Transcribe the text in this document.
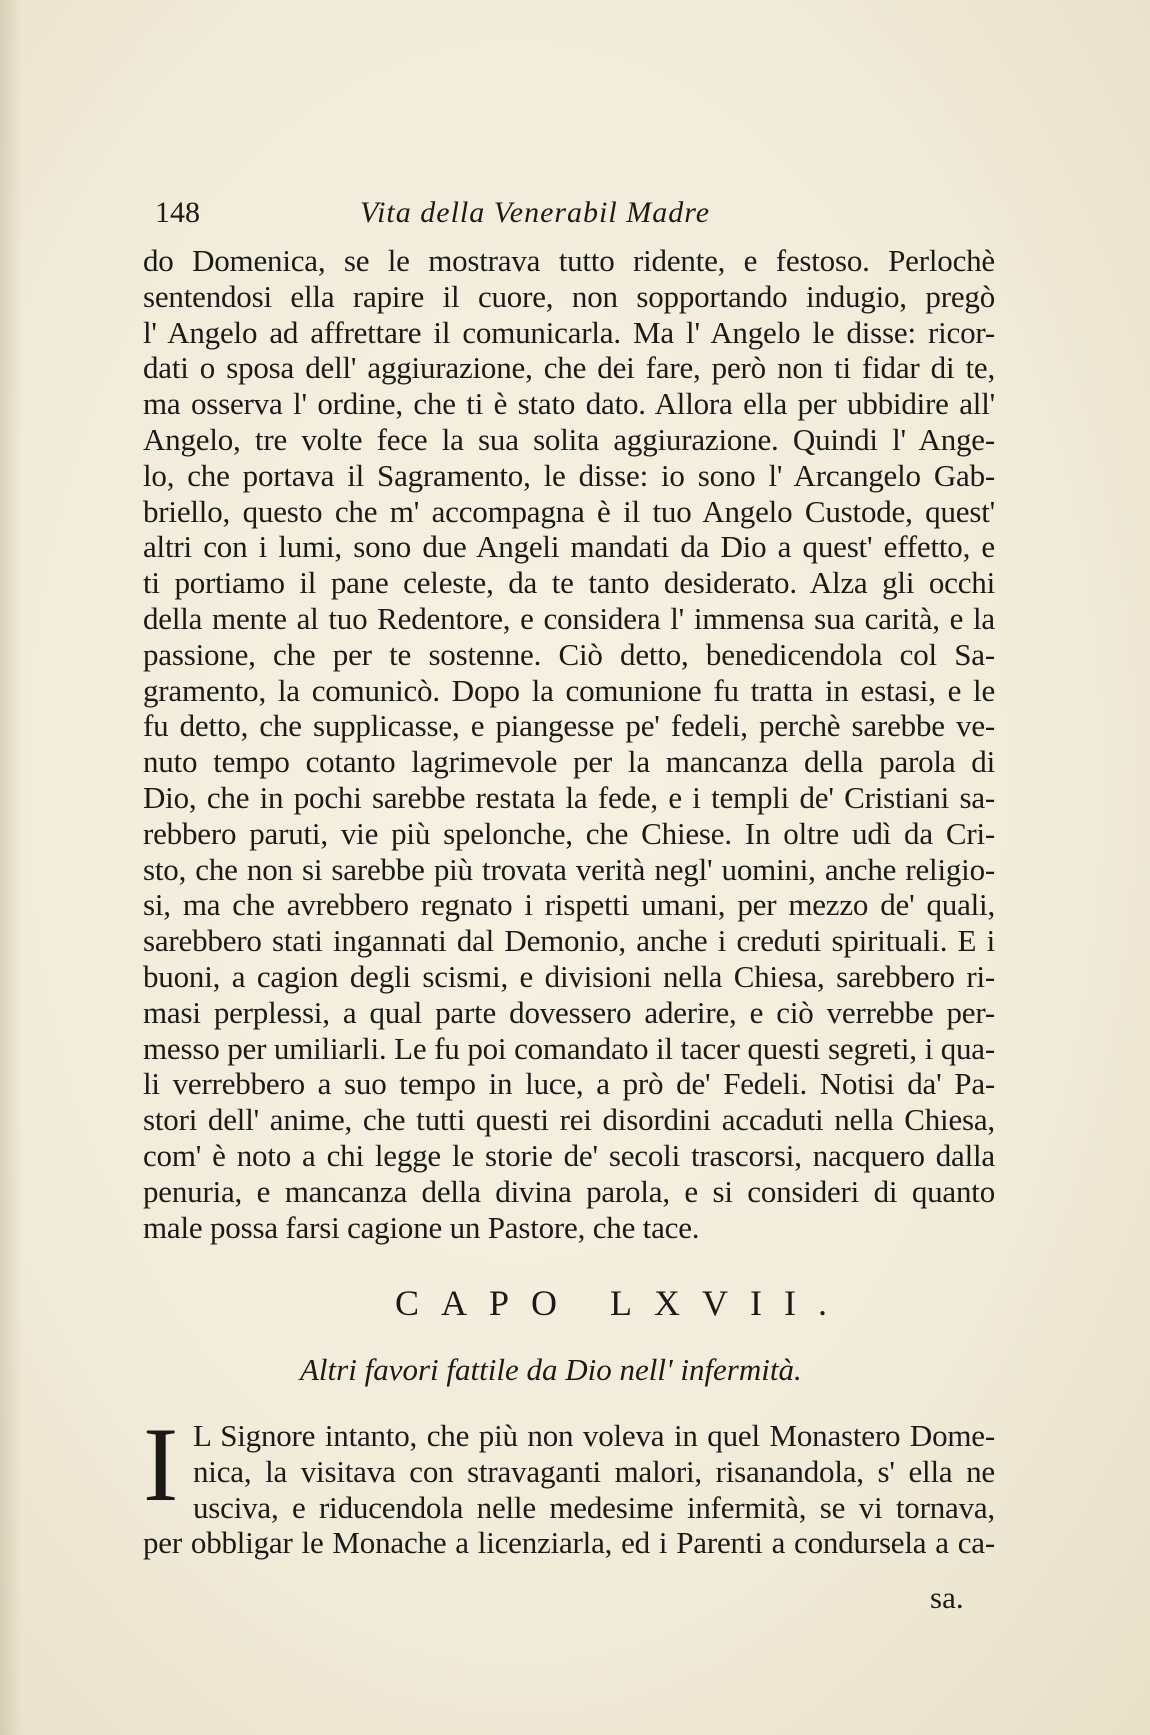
148	Vita della Venerabil Madre
do Domenica, se le mostrava tutto ridente, e festoso. Perlochè
sentendosi ella rapire il cuore, non sopportando indugio, pregò
l' Angelo ad affrettare il comunicarla. Ma l' Angelo le disse: ricor-
dati o sposa dell' aggiurazione, che dei fare, però non ti fidar di te,
ma osserva l' ordine, che ti è stato dato. Allora ella per ubbidire all'
Angelo, tre volte fece la sua solita aggiurazione. Quindi l' Ange-
lo, che portava il Sagramento, le disse: io sono l' Arcangelo Gab-
briello, questo che m' accompagna è il tuo Angelo Custode, quest'
altri con i lumi, sono due Angeli mandati da Dio a quest' effetto, e
ti portiamo il pane celeste, da te tanto desiderato. Alza gli occhi
della mente al tuo Redentore, e considera l' immensa sua carità, e la
passione, che per te sostenne. Ciò detto, benedicendola col Sa-
gramento, la comunicò. Dopo la comunione fu tratta in estasi, e le
fu detto, che supplicasse, e piangesse pe' fedeli, perchè sarebbe ve-
nuto tempo cotanto lagrimevole per la mancanza della parola di
Dio, che in pochi sarebbe restata la fede, e i templi de' Cristiani sa-
rebbero paruti, vie più spelonche, che Chiese. In oltre udì da Cri-
sto, che non si sarebbe più trovata verità negl' uomini, anche religio-
si, ma che avrebbero regnato i rispetti umani, per mezzo de' quali,
sarebbero stati ingannati dal Demonio, anche i creduti spirituali. E i
buoni, a cagion degli scismi, e divisioni nella Chiesa, sarebbero ri-
masi perplessi, a qual parte dovessero aderire, e ciò verrebbe per-
messo per umiliarli. Le fu poi comandato il tacer questi segreti, i qua-
li verrebbero a suo tempo in luce, a prò de' Fedeli. Notisi da' Pa-
stori dell' anime, che tutti questi rei disordini accaduti nella Chiesa,
com' è noto a chi legge le storie de' secoli trascorsi, nacquero dalla
penuria, e mancanza della divina parola, e si consideri di quanto
male possa farsi cagione un Pastore, che tace.
CAPO LXVII.
Altri favori fattile da Dio nell' infermità.
I L Signore intanto, che più non voleva in quel Monastero Dome-
nica, la visitava con stravaganti malori, risanandola, s' ella ne
usciva, e riducendola nelle medesime infermità, se vi tornava,
per obbligar le Monache a licenziarla, ed i Parenti a condursela a ca-
sa.
